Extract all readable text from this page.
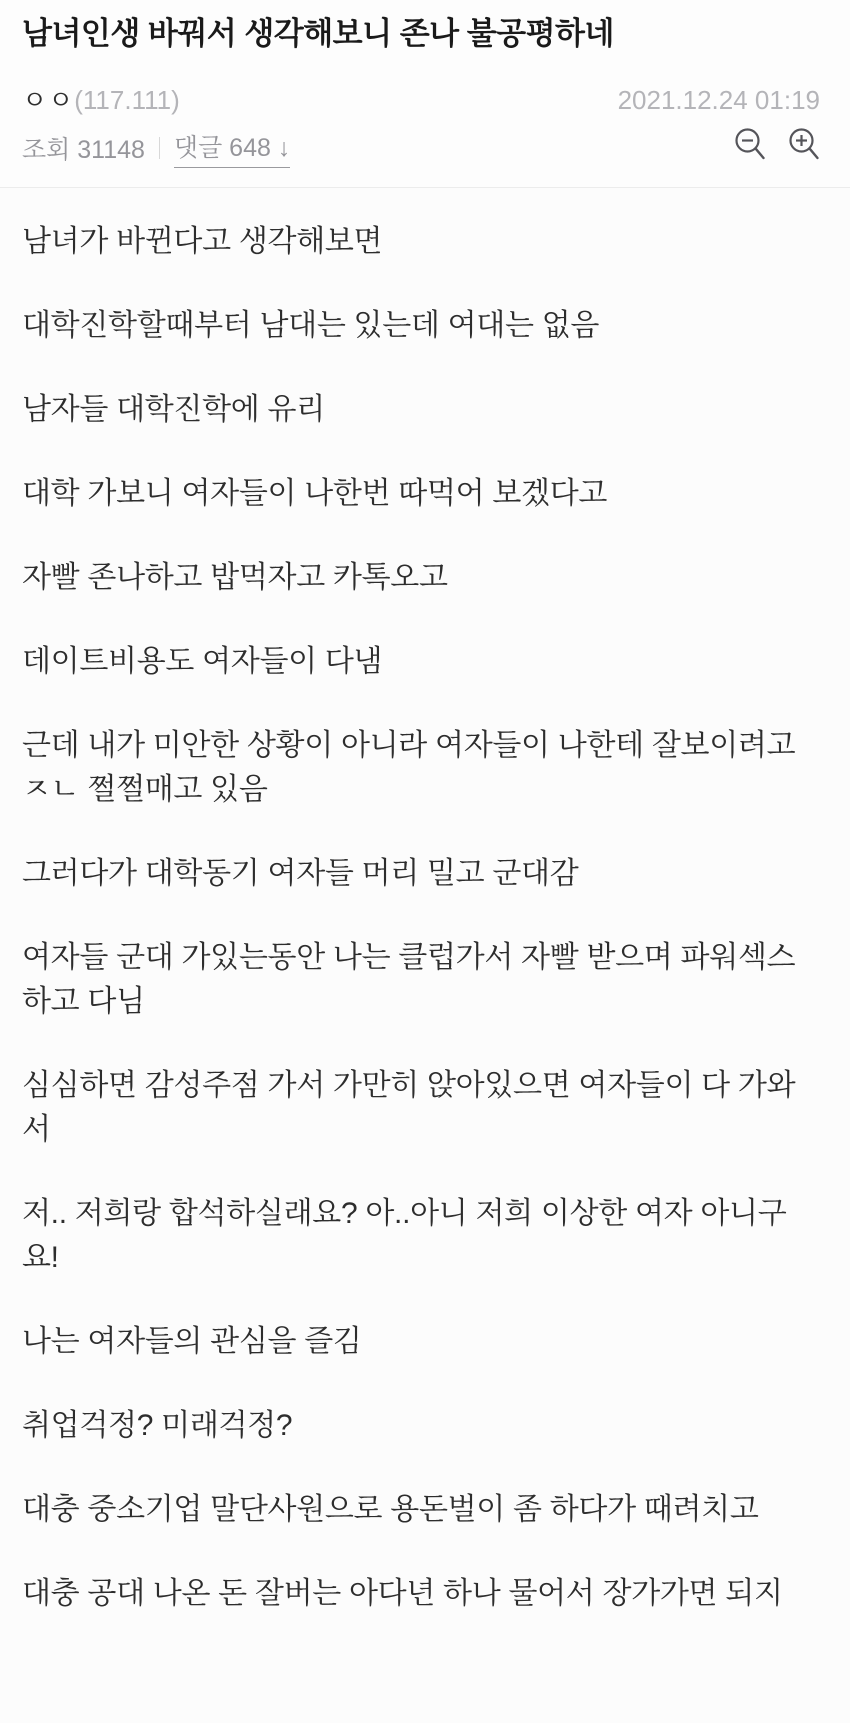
남녀인생 바꿔서 생각해보니 존나 불공평하네
ㅇㅇ(117.111)	2021.12.24 01:19
조회 31148 댓글 648 ↓

남녀가 바뀐다고 생각해보면

대학진학할때부터 남대는 있는데 여대는 없음

남자들 대학진학에 유리

대학 가보니 여자들이 나한번 따먹어 보겠다고

자빨 존나하고 밥먹자고 카톡오고

데이트비용도 여자들이 다냄

근데 내가 미안한 상황이 아니라 여자들이 나한테 잘보이려고 ㅈㄴ 쩔쩔매고 있음

그러다가 대학동기 여자들 머리 밀고 군대감

여자들 군대 가있는동안 나는 클럽가서 자빨 받으며 파워섹스하고 다님

심심하면 감성주점 가서 가만히 앉아있으면 여자들이 다 가와서

저.. 저희랑 합석하실래요? 아..아니 저희 이상한 여자 아니구요!

나는 여자들의 관심을 즐김

취업걱정? 미래걱정?

대충 중소기업 말단사원으로 용돈벌이 좀 하다가 때려치고

대충 공대 나온 돈 잘버는 아다년 하나 물어서 장가가면 되지
